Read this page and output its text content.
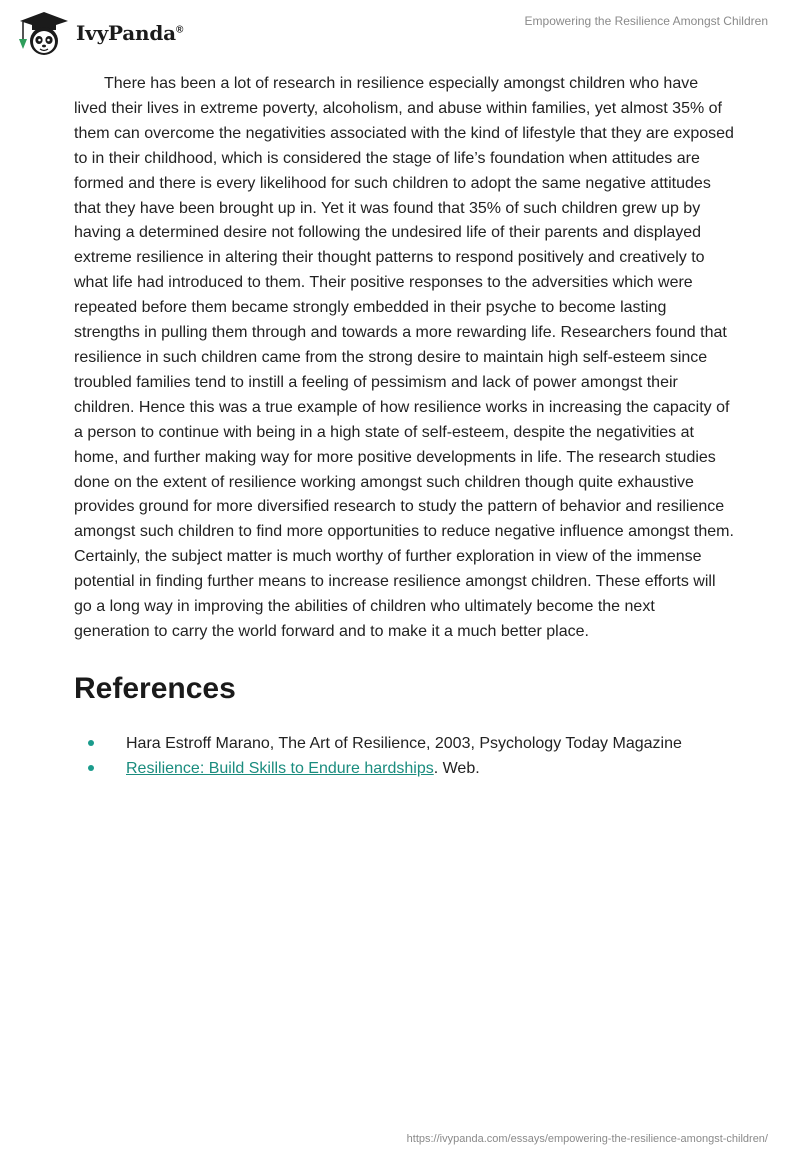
IvyPanda®
Empowering the Resilience Amongst Children

There has been a lot of research in resilience especially amongst children who have lived their lives in extreme poverty, alcoholism, and abuse within families, yet almost 35% of them can overcome the negativities associated with the kind of lifestyle that they are exposed to in their childhood, which is considered the stage of life’s foundation when attitudes are formed and there is every likelihood for such children to adopt the same negative attitudes that they have been brought up in. Yet it was found that 35% of such children grew up by having a determined desire not following the undesired life of their parents and displayed extreme resilience in altering their thought patterns to respond positively and creatively to what life had introduced to them. Their positive responses to the adversities which were repeated before them became strongly embedded in their psyche to become lasting strengths in pulling them through and towards a more rewarding life. Researchers found that resilience in such children came from the strong desire to maintain high self-esteem since troubled families tend to instill a feeling of pessimism and lack of power amongst their children. Hence this was a true example of how resilience works in increasing the capacity of a person to continue with being in a high state of self-esteem, despite the negativities at home, and further making way for more positive developments in life. The research studies done on the extent of resilience working amongst such children though quite exhaustive provides ground for more diversified research to study the pattern of behavior and resilience amongst such children to find more opportunities to reduce negative influence amongst them. Certainly, the subject matter is much worthy of further exploration in view of the immense potential in finding further means to increase resilience amongst children. These efforts will go a long way in improving the abilities of children who ultimately become the next generation to carry the world forward and to make it a much better place.

References
Hara Estroff Marano, The Art of Resilience, 2003, Psychology Today Magazine
Resilience: Build Skills to Endure hardships. Web.
https://ivypanda.com/essays/empowering-the-resilience-amongst-children/
